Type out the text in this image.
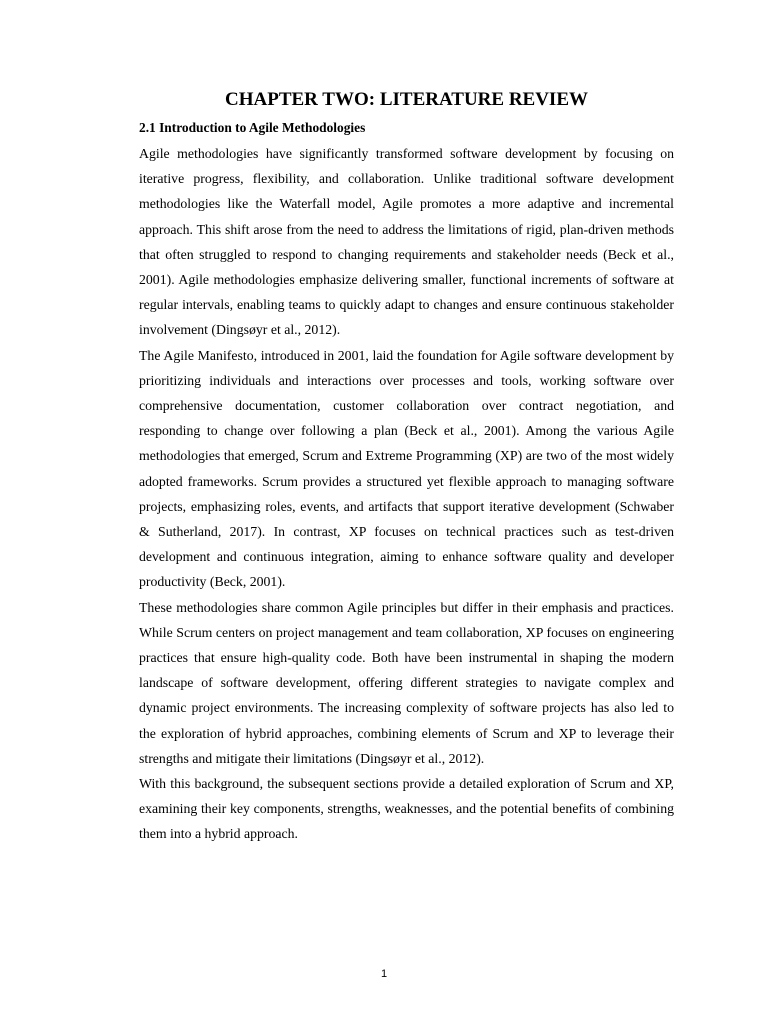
CHAPTER TWO: LITERATURE REVIEW
2.1 Introduction to Agile Methodologies

Agile methodologies have significantly transformed software development by focusing on iterative progress, flexibility, and collaboration. Unlike traditional software development methodologies like the Waterfall model, Agile promotes a more adaptive and incremental approach. This shift arose from the need to address the limitations of rigid, plan-driven methods that often struggled to respond to changing requirements and stakeholder needs (Beck et al., 2001). Agile methodologies emphasize delivering smaller, functional increments of software at regular intervals, enabling teams to quickly adapt to changes and ensure continuous stakeholder involvement (Dingsøyr et al., 2012).

The Agile Manifesto, introduced in 2001, laid the foundation for Agile software development by prioritizing individuals and interactions over processes and tools, working software over comprehensive documentation, customer collaboration over contract negotiation, and responding to change over following a plan (Beck et al., 2001). Among the various Agile methodologies that emerged, Scrum and Extreme Programming (XP) are two of the most widely adopted frameworks. Scrum provides a structured yet flexible approach to managing software projects, emphasizing roles, events, and artifacts that support iterative development (Schwaber & Sutherland, 2017). In contrast, XP focuses on technical practices such as test-driven development and continuous integration, aiming to enhance software quality and developer productivity (Beck, 2001).

These methodologies share common Agile principles but differ in their emphasis and practices. While Scrum centers on project management and team collaboration, XP focuses on engineering practices that ensure high-quality code. Both have been instrumental in shaping the modern landscape of software development, offering different strategies to navigate complex and dynamic project environments. The increasing complexity of software projects has also led to the exploration of hybrid approaches, combining elements of Scrum and XP to leverage their strengths and mitigate their limitations (Dingsøyr et al., 2012).

With this background, the subsequent sections provide a detailed exploration of Scrum and XP, examining their key components, strengths, weaknesses, and the potential benefits of combining them into a hybrid approach.

1
